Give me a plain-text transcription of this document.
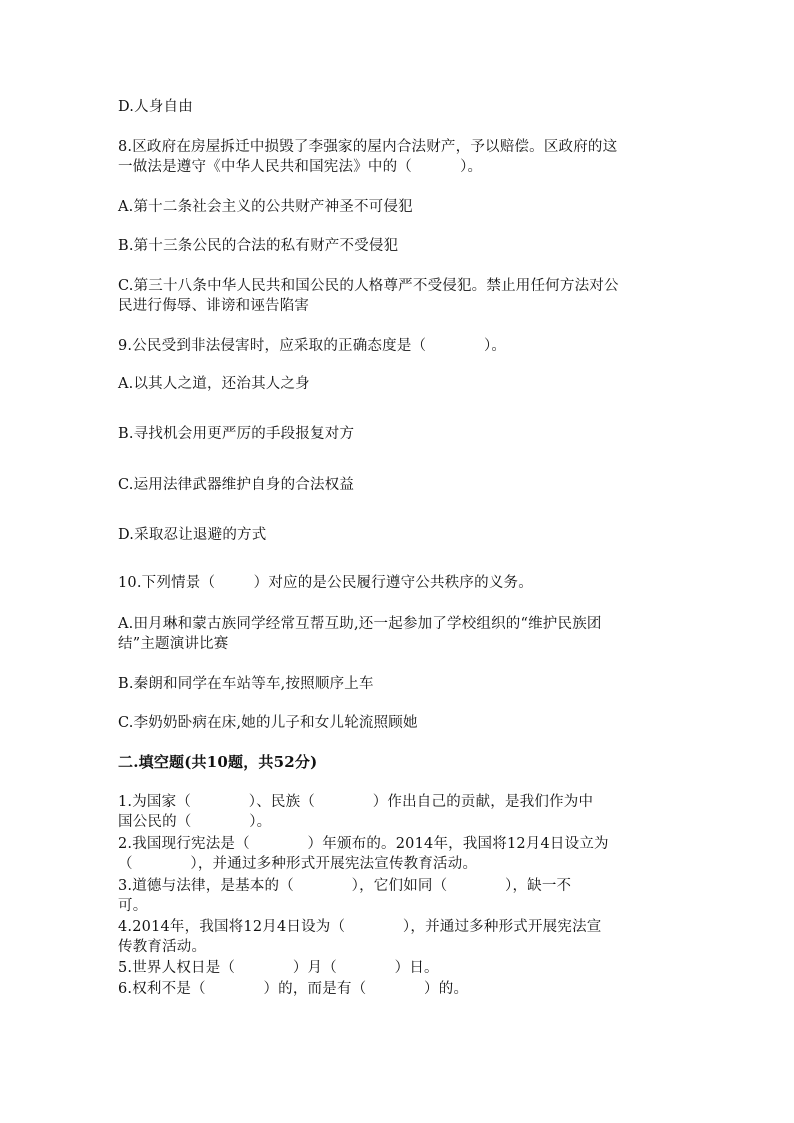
D.人身自由
8.区政府在房屋拆迁中损毁了李强家的屋内合法财产，予以赔偿。区政府的这
一做法是遵守《中华人民共和国宪法》中的（          ）。
A.第十二条社会主义的公共财产神圣不可侵犯
B.第十三条公民的合法的私有财产不受侵犯
C.第三十八条中华人民共和国公民的人格尊严不受侵犯。禁止用任何方法对公
民进行侮辱、诽谤和诬告陷害
9.公民受到非法侵害时，应采取的正确态度是（            ）。
A.以其人之道，还治其人之身
B.寻找机会用更严厉的手段报复对方
C.运用法律武器维护自身的合法权益
D.采取忍让退避的方式
10.下列情景（        ）对应的是公民履行遵守公共秩序的义务。
A.田月琳和蒙古族同学经常互帮互助,还一起参加了学校组织的“维护民族团
结”主题演讲比赛
B.秦朗和同学在车站等车,按照顺序上车
C.李奶奶卧病在床,她的儿子和女儿轮流照顾她
二.填空题(共10题，共52分)
1.为国家（            ）、民族（            ）作出自己的贡献，是我们作为中
国公民的（            ）。
2.我国现行宪法是（            ）年颁布的。2014年，我国将12月4日设立为
（            ），并通过多种形式开展宪法宣传教育活动。
3.道德与法律，是基本的（            ），它们如同（            ），缺一不
可。
4.2014年，我国将12月4日设为（            ），并通过多种形式开展宪法宣
传教育活动。
5.世界人权日是（            ）月（            ）日。
6.权利不是（            ）的，而是有（            ）的。
